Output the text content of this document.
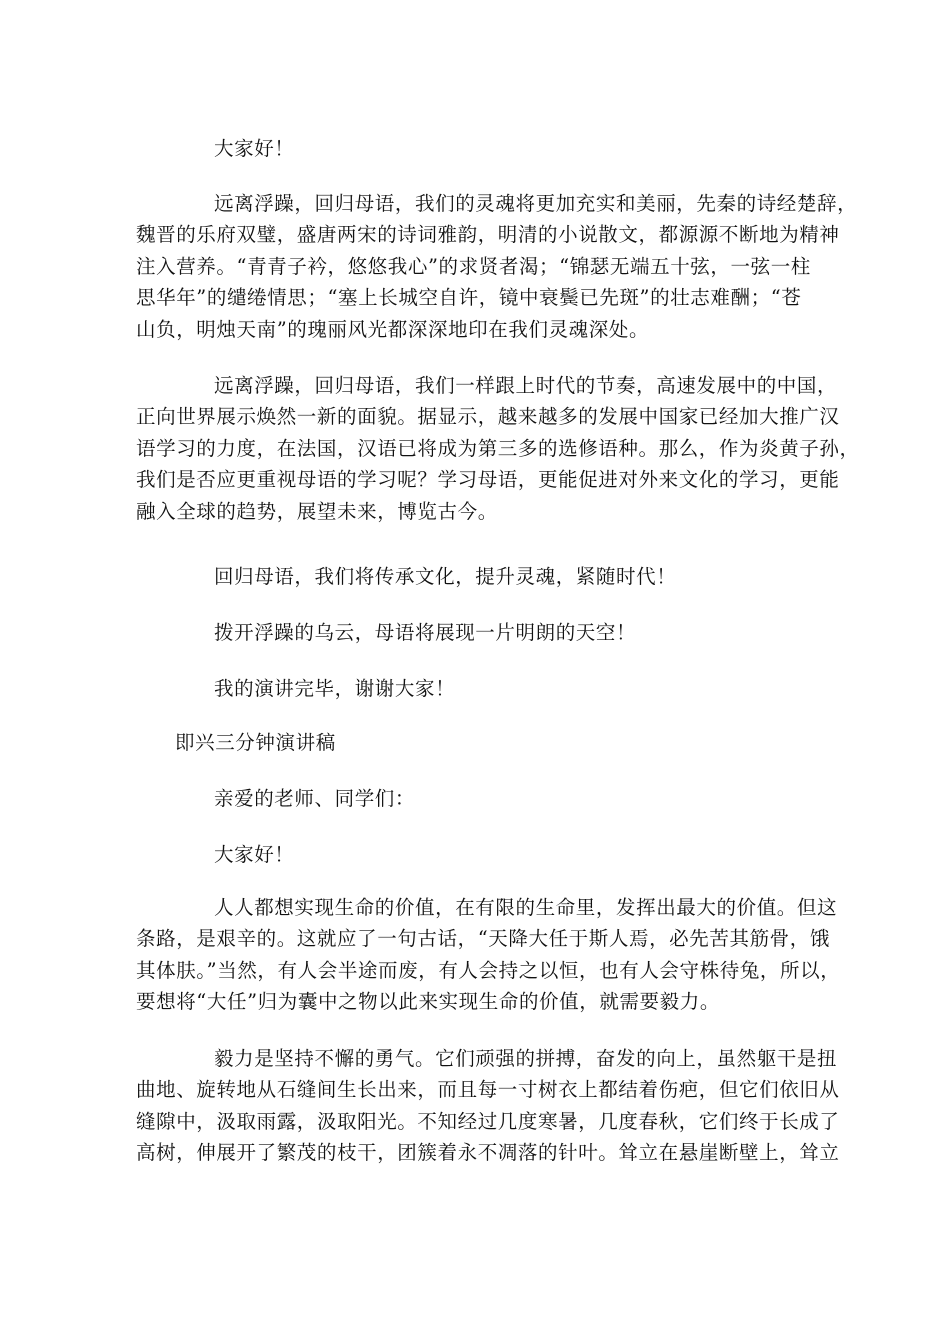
大家好！

远离浮躁，回归母语，我们的灵魂将更加充实和美丽，先秦的诗经楚辞，
魏晋的乐府双璧，盛唐两宋的诗词雅韵，明清的小说散文，都源源不断地为精神
注入营养。“青青子衿，悠悠我心”的求贤者渴；“锦瑟无端五十弦，一弦一柱
思华年”的缱绻情思；“塞上长城空自许，镜中衰鬓已先斑”的壮志难酬；“苍
山负，明烛天南”的瑰丽风光都深深地印在我们灵魂深处。
远离浮躁，回归母语，我们一样跟上时代的节奏，高速发展中的中国，
正向世界展示焕然一新的面貌。据显示，越来越多的发展中国家已经加大推广汉
语学习的力度，在法国，汉语已将成为第三多的选修语种。那么，作为炎黄子孙，
我们是否应更重视母语的学习呢？学习母语，更能促进对外来文化的学习，更能
融入全球的趋势，展望未来，博览古今。

回归母语，我们将传承文化，提升灵魂，紧随时代！

拨开浮躁的乌云，母语将展现一片明朗的天空！

我的演讲完毕，谢谢大家！

即兴三分钟演讲稿

亲爱的老师、同学们：

大家好！

人人都想实现生命的价值，在有限的生命里，发挥出最大的价值。但这
条路，是艰辛的。这就应了一句古话，“天降大任于斯人焉，必先苦其筋骨，饿
其体肤。”当然，有人会半途而废，有人会持之以恒，也有人会守株待兔，所以，
要想将“大任”归为囊中之物以此来实现生命的价值，就需要毅力。
毅力是坚持不懈的勇气。它们顽强的拼搏，奋发的向上，虽然躯干是扭
曲地、旋转地从石缝间生长出来，而且每一寸树衣上都结着伤疤，但它们依旧从
缝隙中，汲取雨露，汲取阳光。不知经过几度寒暑，几度春秋，它们终于长成了
高树，伸展开了繁茂的枝干，团簇着永不凋落的针叶。耸立在悬崖断壁上，耸立
